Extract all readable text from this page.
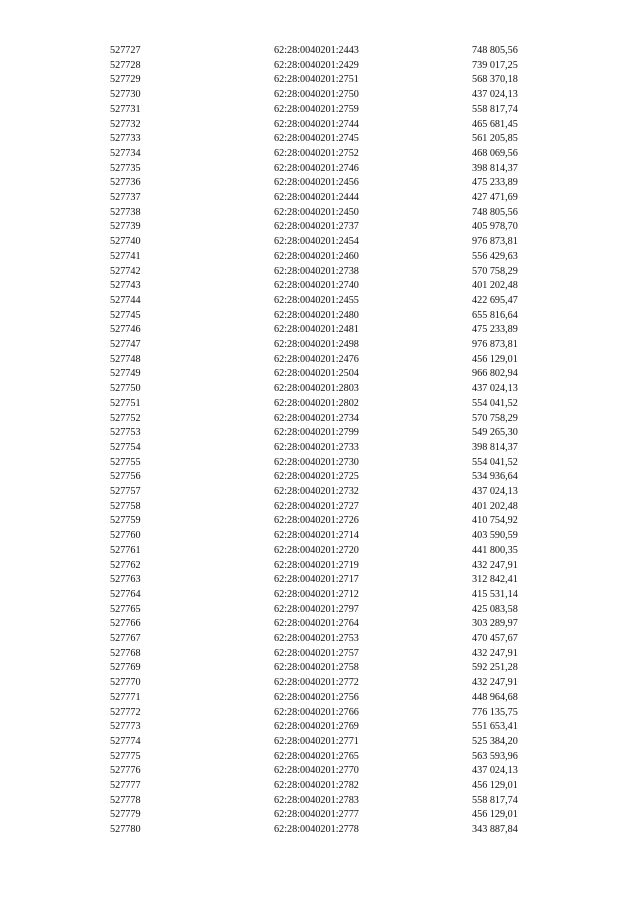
527727	62:28:0040201:2443	748 805,56
527728	62:28:0040201:2429	739 017,25
527729	62:28:0040201:2751	568 370,18
527730	62:28:0040201:2750	437 024,13
527731	62:28:0040201:2759	558 817,74
527732	62:28:0040201:2744	465 681,45
527733	62:28:0040201:2745	561 205,85
527734	62:28:0040201:2752	468 069,56
527735	62:28:0040201:2746	398 814,37
527736	62:28:0040201:2456	475 233,89
527737	62:28:0040201:2444	427 471,69
527738	62:28:0040201:2450	748 805,56
527739	62:28:0040201:2737	405 978,70
527740	62:28:0040201:2454	976 873,81
527741	62:28:0040201:2460	556 429,63
527742	62:28:0040201:2738	570 758,29
527743	62:28:0040201:2740	401 202,48
527744	62:28:0040201:2455	422 695,47
527745	62:28:0040201:2480	655 816,64
527746	62:28:0040201:2481	475 233,89
527747	62:28:0040201:2498	976 873,81
527748	62:28:0040201:2476	456 129,01
527749	62:28:0040201:2504	966 802,94
527750	62:28:0040201:2803	437 024,13
527751	62:28:0040201:2802	554 041,52
527752	62:28:0040201:2734	570 758,29
527753	62:28:0040201:2799	549 265,30
527754	62:28:0040201:2733	398 814,37
527755	62:28:0040201:2730	554 041,52
527756	62:28:0040201:2725	534 936,64
527757	62:28:0040201:2732	437 024,13
527758	62:28:0040201:2727	401 202,48
527759	62:28:0040201:2726	410 754,92
527760	62:28:0040201:2714	403 590,59
527761	62:28:0040201:2720	441 800,35
527762	62:28:0040201:2719	432 247,91
527763	62:28:0040201:2717	312 842,41
527764	62:28:0040201:2712	415 531,14
527765	62:28:0040201:2797	425 083,58
527766	62:28:0040201:2764	303 289,97
527767	62:28:0040201:2753	470 457,67
527768	62:28:0040201:2757	432 247,91
527769	62:28:0040201:2758	592 251,28
527770	62:28:0040201:2772	432 247,91
527771	62:28:0040201:2756	448 964,68
527772	62:28:0040201:2766	776 135,75
527773	62:28:0040201:2769	551 653,41
527774	62:28:0040201:2771	525 384,20
527775	62:28:0040201:2765	563 593,96
527776	62:28:0040201:2770	437 024,13
527777	62:28:0040201:2782	456 129,01
527778	62:28:0040201:2783	558 817,74
527779	62:28:0040201:2777	456 129,01
527780	62:28:0040201:2778	343 887,84
